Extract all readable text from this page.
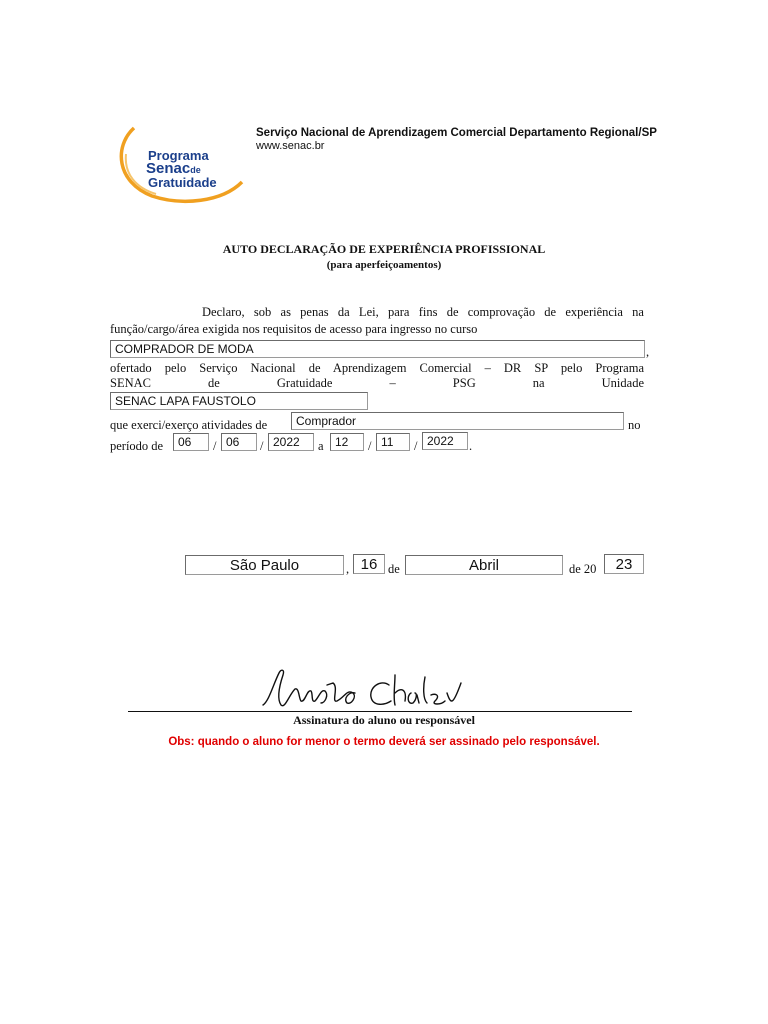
Programa
Senacde
Gratuidade
Serviço Nacional de Aprendizagem Comercial Departamento Regional/SP
www.senac.br
AUTO DECLARAÇÃO DE EXPERIÊNCIA PROFISSIONAL
(para aperfeiçoamentos)
Declaro, sob as penas da Lei, para fins de comprovação de experiência na
função/cargo/área exigida nos requisitos de acesso para ingresso no curso
COMPRADOR DE MODA	,
ofertado pelo Serviço Nacional de Aprendizagem Comercial – DR SP pelo Programa
SENAC de Gratuidade – PSG na Unidade
SENAC LAPA FAUSTOLO
que exerci/exerço atividades de	Comprador	no
período de	06	/ 06	/ 2022	a 12	/ 11	/ 2022	.
São Paulo	, 16 de	Abril	de 20	23
Assinatura do aluno ou responsável
Obs: quando o aluno for menor o termo deverá ser assinado pelo responsável.
